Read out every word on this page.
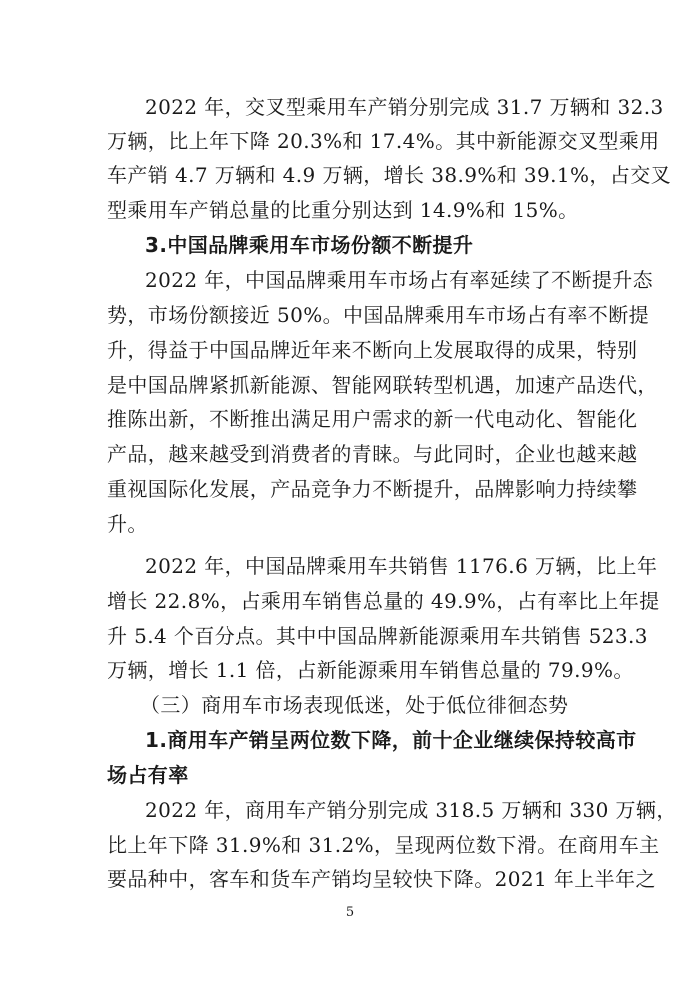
2022 年，交叉型乘用车产销分别完成 31.7 万辆和 32.3
万辆，比上年下降 20.3%和 17.4%。其中新能源交叉型乘用
车产销 4.7 万辆和 4.9 万辆，增长 38.9%和 39.1%，占交叉
型乘用车产销总量的比重分别达到 14.9%和 15%。
3.中国品牌乘用车市场份额不断提升
2022 年，中国品牌乘用车市场占有率延续了不断提升态
势，市场份额接近 50%。中国品牌乘用车市场占有率不断提
升，得益于中国品牌近年来不断向上发展取得的成果，特别
是中国品牌紧抓新能源、智能网联转型机遇，加速产品迭代，
推陈出新，不断推出满足用户需求的新一代电动化、智能化
产品，越来越受到消费者的青睐。与此同时，企业也越来越
重视国际化发展，产品竞争力不断提升，品牌影响力持续攀
升。
2022 年，中国品牌乘用车共销售 1176.6 万辆，比上年
增长 22.8%，占乘用车销售总量的 49.9%，占有率比上年提
升 5.4 个百分点。其中中国品牌新能源乘用车共销售 523.3
万辆，增长 1.1 倍，占新能源乘用车销售总量的 79.9%。
（三）商用车市场表现低迷，处于低位徘徊态势
1.商用车产销呈两位数下降，前十企业继续保持较高市
场占有率
2022 年，商用车产销分别完成 318.5 万辆和 330 万辆，
比上年下降 31.9%和 31.2%，呈现两位数下滑。在商用车主
要品种中，客车和货车产销均呈较快下降。2021 年上半年之
5
